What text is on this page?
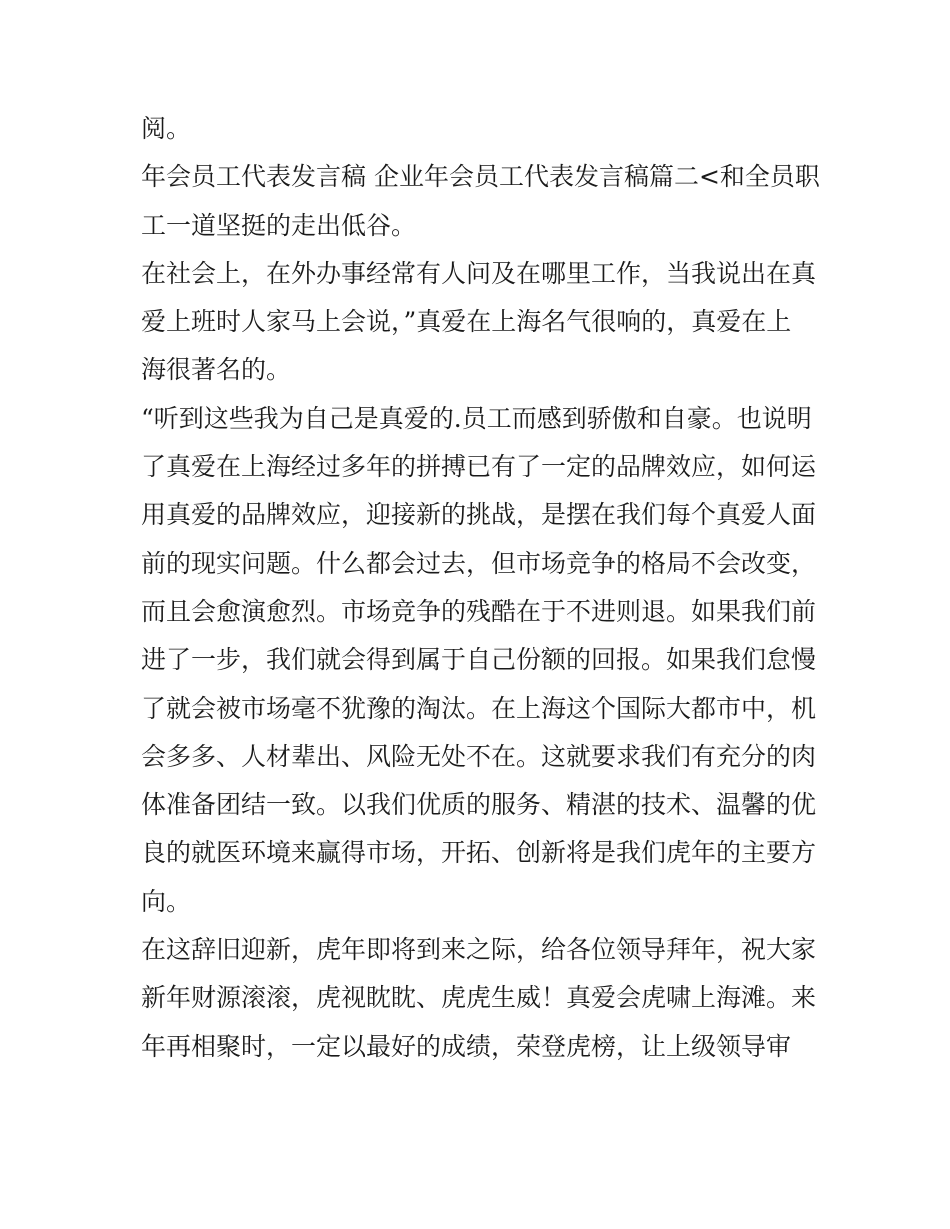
阅。
年会员工代表发言稿 企业年会员工代表发言稿篇二<和全员职
工一道坚挺的走出低谷。
在社会上，在外办事经常有人问及在哪里工作，当我说出在真
爱上班时人家马上会说，”真爱在上海名气很响的，真爱在上
海很著名的。
“听到这些我为自己是真爱的.员工而感到骄傲和自豪。也说明
了真爱在上海经过多年的拼搏已有了一定的品牌效应，如何运
用真爱的品牌效应，迎接新的挑战，是摆在我们每个真爱人面
前的现实问题。什么都会过去，但市场竞争的格局不会改变，
而且会愈演愈烈。市场竞争的残酷在于不进则退。如果我们前
进了一步，我们就会得到属于自己份额的回报。如果我们怠慢
了就会被市场毫不犹豫的淘汰。在上海这个国际大都市中，机
会多多、人材辈出、风险无处不在。这就要求我们有充分的肉
体准备团结一致。以我们优质的服务、精湛的技术、温馨的优
良的就医环境来赢得市场，开拓、创新将是我们虎年的主要方
向。
在这辞旧迎新，虎年即将到来之际，给各位领导拜年，祝大家
新年财源滚滚，虎视眈眈、虎虎生威！真爱会虎啸上海滩。来
年再相聚时，一定以最好的成绩，荣登虎榜，让上级领导审
